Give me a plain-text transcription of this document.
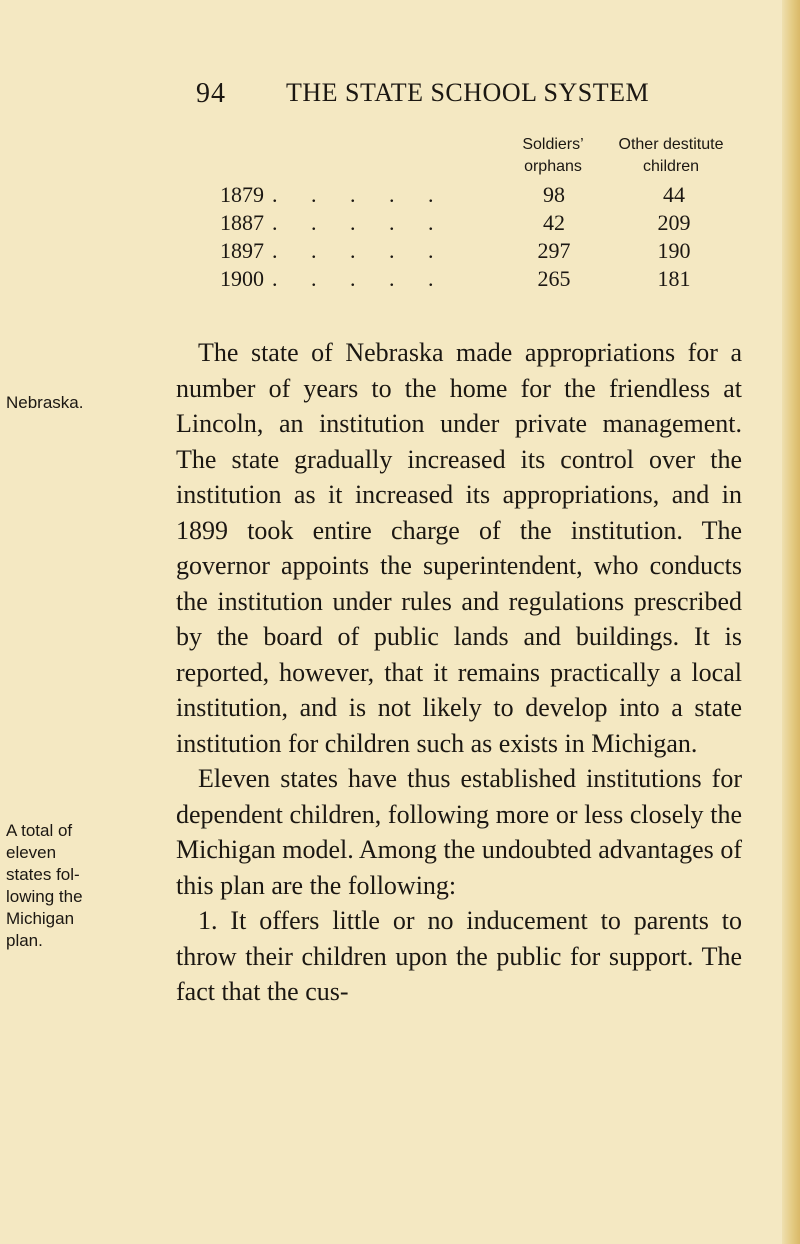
94 THE STATE SCHOOL SYSTEM
Soldiers’
orphans
Other destitute
children
1879 . . . . .	98	44
1887 . . . . .	42	209
1897 . . . . .	297	190
1900 . . . . .	265	181
Nebraska.
A total of
eleven
states fol-
lowing the
Michigan
plan.

The state of Nebraska made appropriations for a number of years to the home for the friendless at Lincoln, an institution under private management. The state gradually increased its control over the institution as it increased its appropriations, and in 1899 took entire charge of the institution. The governor appoints the superintendent, who conducts the institution under rules and regulations prescribed by the board of public lands and buildings. It is reported, however, that it remains practically a local institution, and is not likely to develop into a state institution for children such as exists in Michigan.

Eleven states have thus established institutions for dependent children, following more or less closely the Michigan model. Among the undoubted advantages of this plan are the following:

1. It offers little or no inducement to parents to throw their children upon the public for support. The fact that the cus-
